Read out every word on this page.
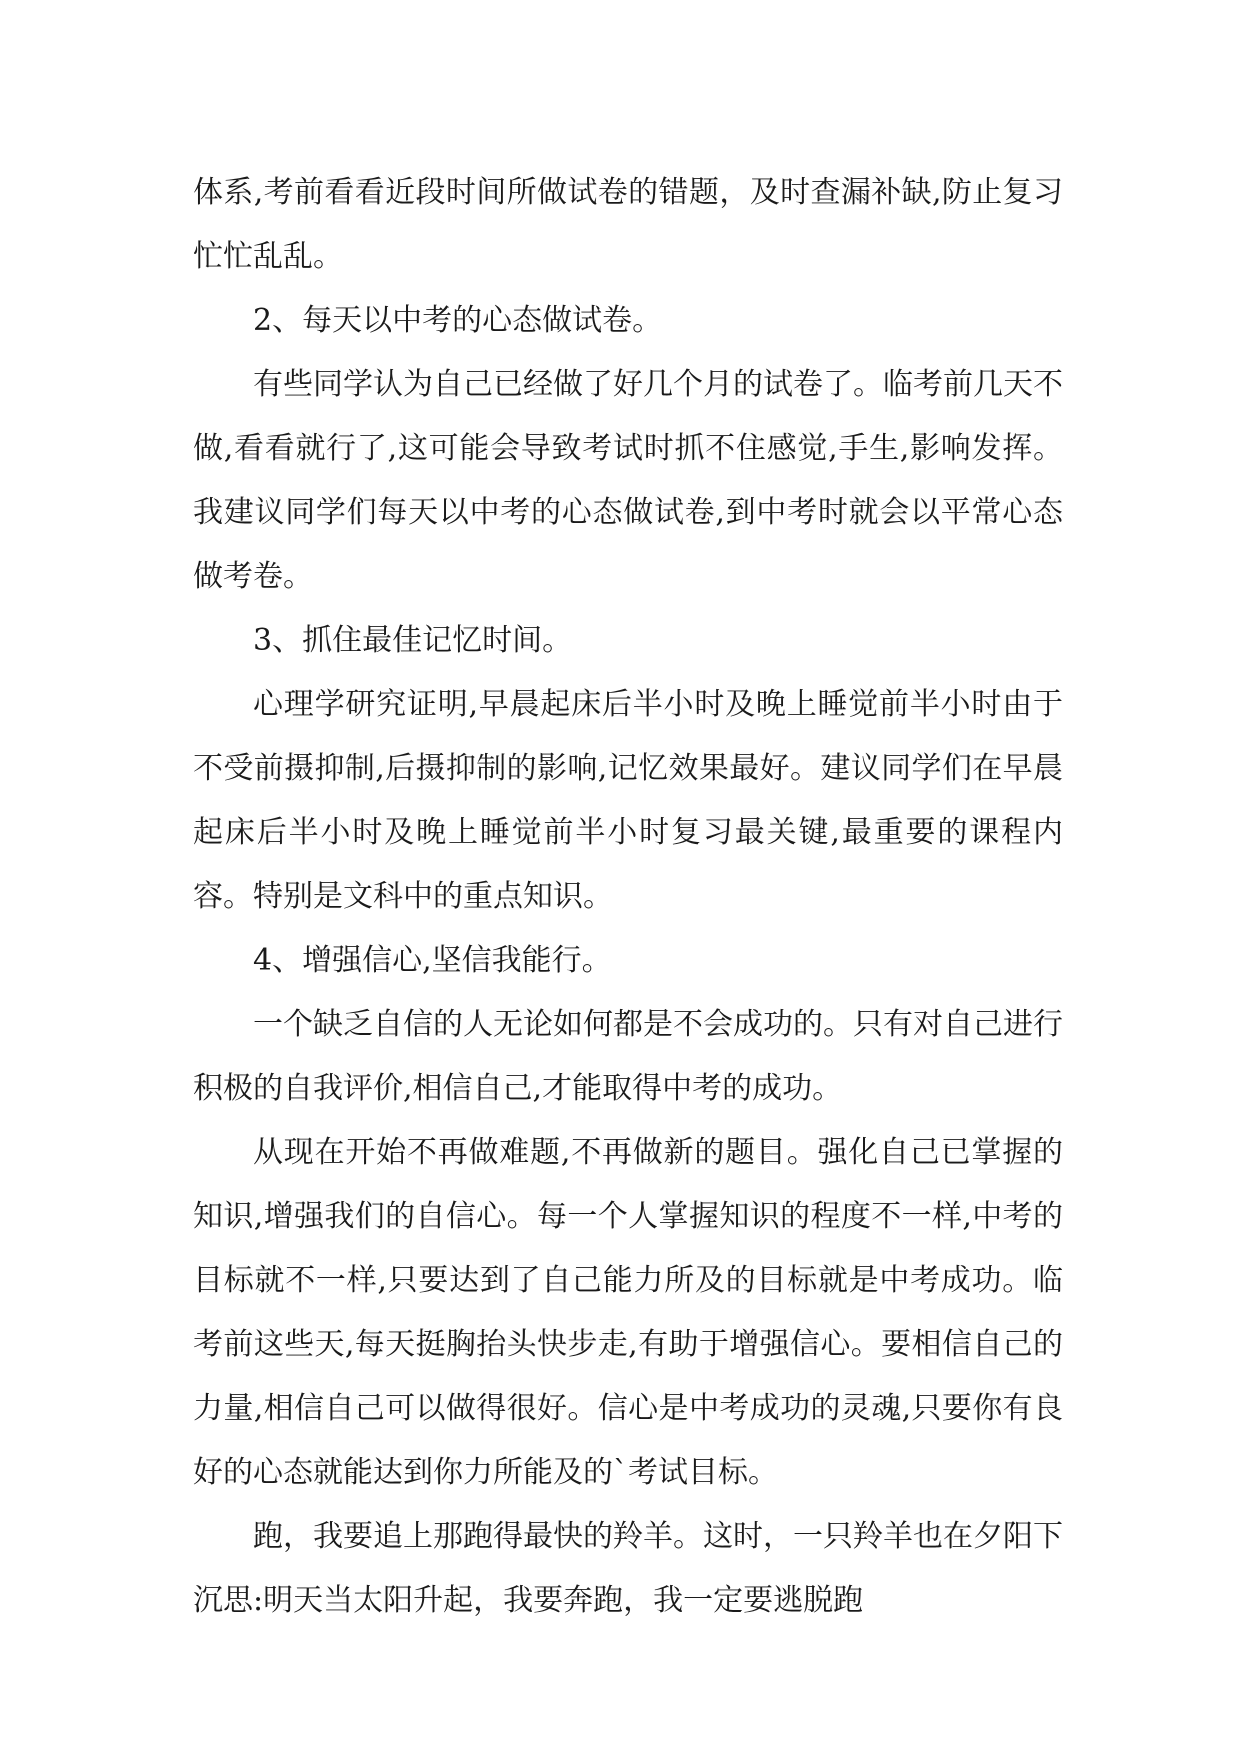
体系,考前看看近段时间所做试卷的错题，及时查漏补缺,防止复习忙忙乱乱。

2、每天以中考的心态做试卷。

有些同学认为自己已经做了好几个月的试卷了。临考前几天不做,看看就行了,这可能会导致考试时抓不住感觉,手生,影响发挥。我建议同学们每天以中考的心态做试卷,到中考时就会以平常心态做考卷。

3、抓住最佳记忆时间。

心理学研究证明,早晨起床后半小时及晚上睡觉前半小时由于不受前摄抑制,后摄抑制的影响,记忆效果最好。建议同学们在早晨起床后半小时及晚上睡觉前半小时复习最关键,最重要的课程内容。特别是文科中的重点知识。

4、增强信心,坚信我能行。

一个缺乏自信的人无论如何都是不会成功的。只有对自己进行积极的自我评价,相信自己,才能取得中考的成功。

从现在开始不再做难题,不再做新的题目。强化自己已掌握的知识,增强我们的自信心。每一个人掌握知识的程度不一样,中考的目标就不一样,只要达到了自己能力所及的目标就是中考成功。临考前这些天,每天挺胸抬头快步走,有助于增强信心。要相信自己的力量,相信自己可以做得很好。信心是中考成功的灵魂,只要你有良好的心态就能达到你力所能及的`考试目标。

跑，我要追上那跑得最快的羚羊。这时，一只羚羊也在夕阳下沉思:明天当太阳升起，我要奔跑，我一定要逃脱跑
